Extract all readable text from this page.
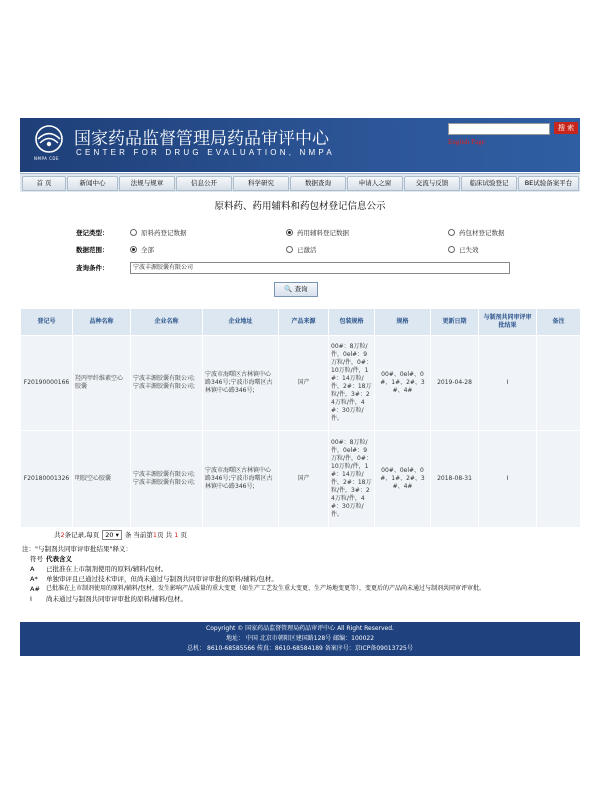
NMPA CDE
国家药品监督管理局药品审评中心
CENTER FOR DRUG EVALUATION, NMPA
搜 索
English Page
首 页	新闻中心	法规与规章	信息公开	科学研究	数据查询	申请人之窗	交流与反馈	临床试验登记	BE试验备案平台
原料药、药用辅料和药包材登记信息公示
登记类型：	原料药登记数据	药用辅料登记数据	药包材登记数据
数据范围：	全部	已激活	已失效
查询条件：	宁波丰源胶囊有限公司
🔍 查询
登记号	品种名称	企业名称	企业地址	产品来源	包装规格	规格	更新日期	与制剂共同审评审批结果	备注
F20190000166	羟丙甲纤维素空心胶囊	宁波丰源胶囊有限公司;宁波丰源胶囊有限公司;	宁波市海曙区古林镇中心路346号;宁波市海曙区古林镇中心路346号;	国产	00#：8万粒/件，0el#：9万粒/件，0#：10万粒/件，1#：14万粒/件，2#：18万粒/件，3#：24万粒/件，4#：30万粒/件。	00#、0el#、0#、1#、2#、3#、4#	2019-04-28	I	
F20180001326	明胶空心胶囊	宁波丰源胶囊有限公司;宁波丰源胶囊有限公司;	宁波市海曙区古林镇中心路346号;宁波市海曙区古林镇中心路346号;	国产	00#：8万粒/件，0el#：9万粒/件，0#：10万粒/件，1#：14万粒/件，2#：18万粒/件，3#：24万粒/件，4#：30万粒/件。	00#、0el#、0#、1#、2#、3#、4#	2018-08-31	I	
共2条记录,每页 20 ▾ 条 当前第1页 共 1 页
注："与制剂共同审评审批结果"释义：
符号 代表含义
A	已批准在上市制剂使用的原料/辅料/包材。
A*	单独审评且已通过技术审评，但尚未通过与制剂共同审评审批的原料/辅料/包材。
A#	已批准在上市制剂使用的原料/辅料/包材，发生影响产品质量的重大变更（如生产工艺发生重大变更、生产场地变更等），变更后的产品尚未通过与制剂共同审评审批。
I	尚未通过与制剂共同审评审批的原料/辅料/包材。
Copyright © 国家药品监督管理局药品审评中心 All Right Reserved.
地址： 中国 北京市朝阳区建国路128号 邮编：100022
总机： 8610-68585566 传真：8610-68584189 备案序号：京ICP备09013725号
